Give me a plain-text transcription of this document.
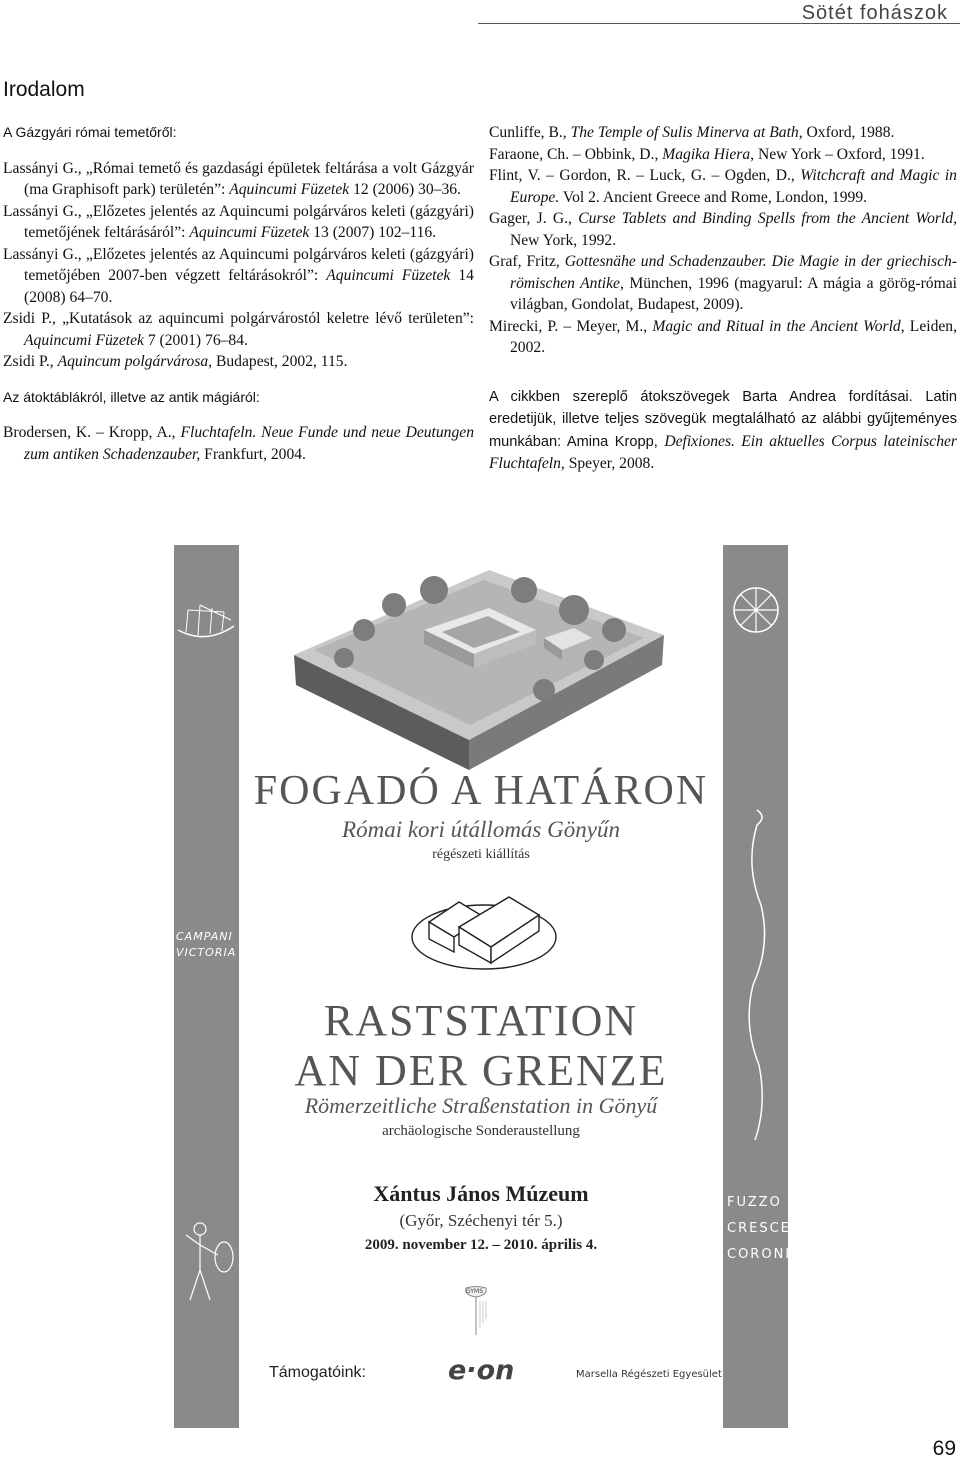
Sötét fohászok
Irodalom

A Gázgyári római temetőről:

Lassányi G., „Római temető és gazdasági épületek feltárása a volt Gázgyár (ma Graphisoft park) területén”: Aquincumi Füzetek 12 (2006) 30–36.

Lassányi G., „Előzetes jelentés az Aquincumi polgárváros keleti (gázgyári) temetőjének feltárásáról”: Aquincumi Füzetek 13 (2007) 102–116.

Lassányi G., „Előzetes jelentés az Aquincumi polgárváros keleti (gázgyári) temetőjében 2007-ben végzett feltárásokról”: Aquincumi Füzetek 14 (2008) 64–70.

Zsidi P., „Kutatások az aquincumi polgárvárostól keletre lévő területen”: Aquincumi Füzetek 7 (2001) 76–84.

Zsidi P., Aquincum polgárvárosa, Budapest, 2002, 115.

Az átoktáblákról, illetve az antik mágiáról:

Brodersen, K. – Kropp, A., Fluchtafeln. Neue Funde und neue Deutungen zum antiken Schadenzauber, Frankfurt, 2004.

Cunliffe, B., The Temple of Sulis Minerva at Bath, Oxford, 1988.

Faraone, Ch. – Obbink, D., Magika Hiera, New York – Oxford, 1991.

Flint, V. – Gordon, R. – Luck, G. – Ogden, D., Witchcraft and Magic in Europe. Vol 2. Ancient Greece and Rome, London, 1999.

Gager, J. G., Curse Tablets and Binding Spells from the Ancient World, New York, 1992.

Graf, Fritz, Gottesnähe und Schadenzauber. Die Magie in der griechisch-römischen Antike, München, 1996 (magyarul: A mágia a görög-római világban, Gondolat, Budapest, 2009).

Mirecki, P. – Meyer, M., Magic and Ritual in the Ancient World, Leiden, 2002.

A cikkben szereplő átokszövegek Barta Andrea fordításai. Latin eredetijük, illetve teljes szövegük megtalálható az alábbi gyűjteményes munkában: Amina Kropp, Defixiones. Ein aktuelles Corpus lateinischer Fluchtafeln, Speyer, 2008.

CAMPANI VICTORIA
FUZZO CRESCES CORONI
FOGADÓ A HATÁRON
Római kori útállomás Gönyűn
régészeti kiállítás
RASTSTATION
AN DER GRENZE
Römerzeitliche Straßenstation in Gönyű
archäologische Sonderaustellung
Xántus János Múzeum
(Győr, Széchenyi tér 5.)
2009. november 12. – 2010. április 4.
GYMS
Támogatóink:	e·on	Marsella Régészeti Egyesület
69
